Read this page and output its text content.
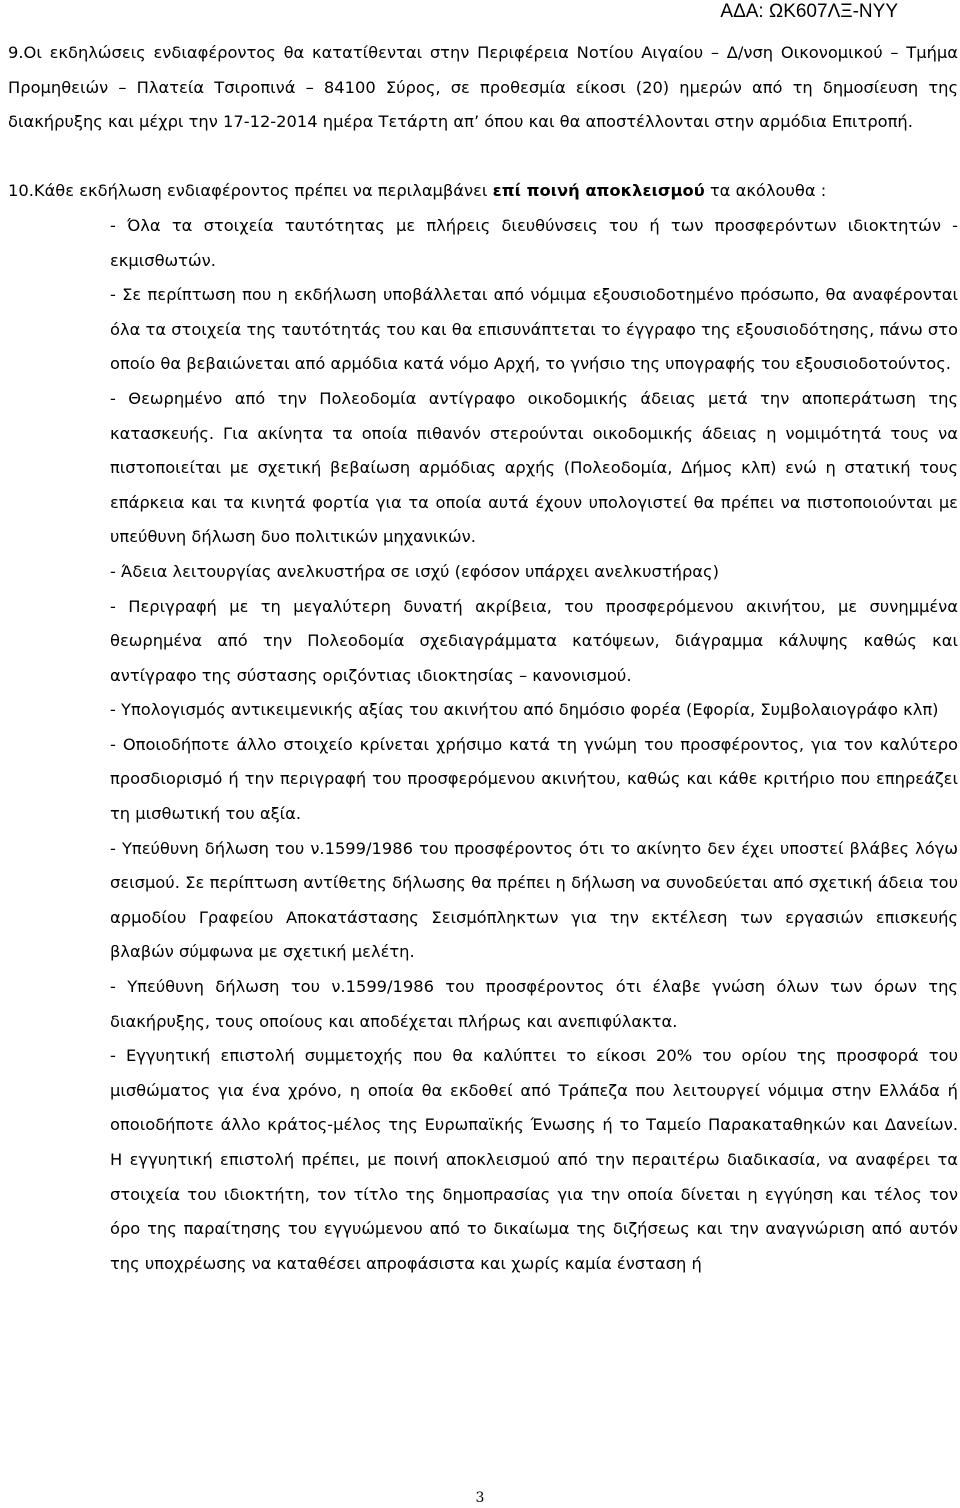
ΑΔΑ: ΩΚ607ΛΞ-ΝΥΥ

9.Οι εκδηλώσεις ενδιαφέροντος θα κατατίθενται στην Περιφέρεια Νοτίου Αιγαίου – Δ/νση Οικονομικού – Τμήμα Προμηθειών – Πλατεία Τσιροπινά – 84100 Σύρος, σε προθεσμία είκοσι (20) ημερών από τη δημοσίευση της διακήρυξης και μέχρι την 17-12-2014 ημέρα Τετάρτη απ’ όπου και θα αποστέλλονται στην αρμόδια Επιτροπή.

10.Κάθε εκδήλωση ενδιαφέροντος πρέπει να περιλαμβάνει επί ποινή αποκλεισμού τα ακόλουθα :

- Όλα τα στοιχεία ταυτότητας με πλήρεις διευθύνσεις του ή των προσφερόντων ιδιοκτητών - εκμισθωτών.

- Σε περίπτωση που η εκδήλωση υποβάλλεται από νόμιμα εξουσιοδοτημένο πρόσωπο, θα αναφέρονται όλα τα στοιχεία της ταυτότητάς του και θα επισυνάπτεται το έγγραφο της εξουσιοδότησης, πάνω στο οποίο θα βεβαιώνεται από αρμόδια κατά νόμο Αρχή, το γνήσιο της υπογραφής του εξουσιοδοτούντος.

- Θεωρημένο από την Πολεοδομία αντίγραφο οικοδομικής άδειας μετά την αποπεράτωση της κατασκευής. Για ακίνητα τα οποία πιθανόν στερούνται οικοδομικής άδειας η νομιμότητά τους να πιστοποιείται με σχετική βεβαίωση αρμόδιας αρχής (Πολεοδομία, Δήμος κλπ) ενώ η στατική τους επάρκεια και τα κινητά φορτία για τα οποία αυτά έχουν υπολογιστεί θα πρέπει να πιστοποιούνται με υπεύθυνη δήλωση δυο πολιτικών μηχανικών.

- Άδεια λειτουργίας ανελκυστήρα σε ισχύ (εφόσον υπάρχει ανελκυστήρας)

- Περιγραφή με τη μεγαλύτερη δυνατή ακρίβεια, του προσφερόμενου ακινήτου, με συνημμένα θεωρημένα από την Πολεοδομία σχεδιαγράμματα κατόψεων, διάγραμμα κάλυψης καθώς και αντίγραφο της σύστασης οριζόντιας ιδιοκτησίας – κανονισμού.

- Υπολογισμός αντικειμενικής αξίας του ακινήτου από δημόσιο φορέα (Εφορία, Συμβολαιογράφο κλπ)

- Οποιοδήποτε άλλο στοιχείο κρίνεται χρήσιμο κατά τη γνώμη του προσφέροντος, για τον καλύτερο προσδιορισμό ή την περιγραφή του προσφερόμενου ακινήτου, καθώς και κάθε κριτήριο που επηρεάζει τη μισθωτική του αξία.

- Υπεύθυνη δήλωση του ν.1599/1986 του προσφέροντος ότι το ακίνητο δεν έχει υποστεί βλάβες λόγω σεισμού. Σε περίπτωση αντίθετης δήλωσης θα πρέπει η δήλωση να συνοδεύεται από σχετική άδεια του αρμοδίου Γραφείου Αποκατάστασης Σεισμόπληκτων για την εκτέλεση των εργασιών επισκευής βλαβών σύμφωνα με σχετική μελέτη.

- Υπεύθυνη δήλωση του ν.1599/1986 του προσφέροντος ότι έλαβε γνώση όλων των όρων της διακήρυξης, τους οποίους και αποδέχεται πλήρως και ανεπιφύλακτα.

- Εγγυητική επιστολή συμμετοχής που θα καλύπτει το είκοσι 20% του ορίου της προσφορά του μισθώματος για ένα χρόνο, η οποία θα εκδοθεί από Τράπεζα που λειτουργεί νόμιμα στην Ελλάδα ή οποιοδήποτε άλλο κράτος-μέλος της Ευρωπαϊκής Ένωσης ή το Ταμείο Παρακαταθηκών και Δανείων. Η εγγυητική επιστολή πρέπει, με ποινή αποκλεισμού από την περαιτέρω διαδικασία, να αναφέρει τα στοιχεία του ιδιοκτήτη, τον τίτλο της δημοπρασίας για την οποία δίνεται η εγγύηση και τέλος τον όρο της παραίτησης του εγγυώμενου από το δικαίωμα της διζήσεως και την αναγνώριση από αυτόν της υποχρέωσης να καταθέσει απροφάσιστα και χωρίς καμία ένσταση ή

3
